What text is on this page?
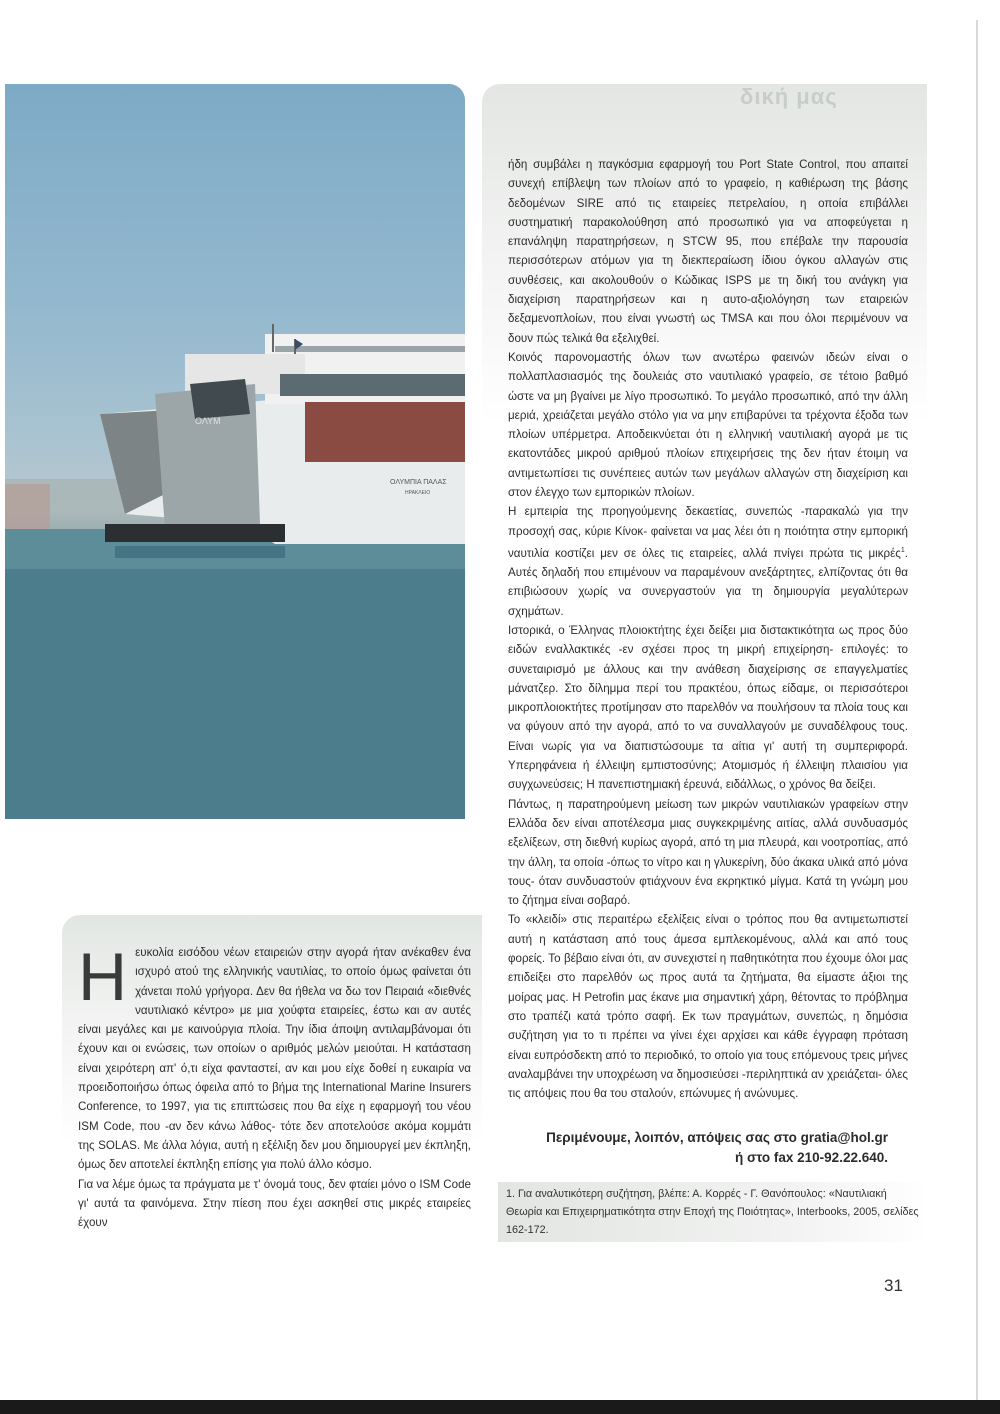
ΟΛΥΜ
ΟΛΥΜΠΙΑ ΠΑΛΑΣ
ΗΡΑΚΛΕΙΟ
δική μας

ήδη συμβάλει η παγκόσμια εφαρμογή του Port State Control, που απαιτεί συνεχή επίβλεψη των πλοίων από το γραφείο, η καθιέρωση της βάσης δεδομένων SIRE από τις εταιρείες πετρελαίου, η οποία επιβάλλει συστηματική παρακολούθηση από προσωπικό για να αποφεύγεται η επανάληψη παρατηρήσεων, η STCW 95, που επέβαλε την παρουσία περισσότερων ατόμων για τη διεκπεραίωση ίδιου όγκου αλλαγών στις συνθέσεις, και ακολουθούν ο Κώδικας ISPS με τη δική του ανάγκη για διαχείριση παρατηρήσεων και η αυτο-αξιολόγηση των εταιρειών δεξαμενοπλοίων, που είναι γνωστή ως TMSA και που όλοι περιμένουν να δουν πώς τελικά θα εξελιχθεί.

Κοινός παρονομαστής όλων των ανωτέρω φαεινών ιδεών είναι ο πολλαπλασιασμός της δουλειάς στο ναυτιλιακό γραφείο, σε τέτοιο βαθμό ώστε να μη βγαίνει με λίγο προσωπικό. Το μεγάλο προσωπικό, από την άλλη μεριά, χρειάζεται μεγάλο στόλο για να μην επιβαρύνει τα τρέχοντα έξοδα των πλοίων υπέρμετρα. Αποδεικνύεται ότι η ελληνική ναυτιλιακή αγορά με τις εκατοντάδες μικρού αριθμού πλοίων επιχειρήσεις της δεν ήταν έτοιμη να αντιμετωπίσει τις συνέπειες αυτών των μεγάλων αλλαγών στη διαχείριση και στον έλεγχο των εμπορικών πλοίων.

Η εμπειρία της προηγούμενης δεκαετίας, συνεπώς -παρακαλώ για την προσοχή σας, κύριε Κίνοκ- φαίνεται να μας λέει ότι η ποιότητα στην εμπορική ναυτιλία κοστίζει μεν σε όλες τις εταιρείες, αλλά πνίγει πρώτα τις μικρές$^1$. Αυτές δηλαδή που επιμένουν να παραμένουν ανεξάρτητες, ελπίζοντας ότι θα επιβιώσουν χωρίς να συνεργαστούν για τη δημιουργία μεγαλύτερων σχημάτων.

Ιστορικά, ο Έλληνας πλοιοκτήτης έχει δείξει μια διστακτικότητα ως προς δύο ειδών εναλλακτικές -εν σχέσει προς τη μικρή επιχείρηση- επιλογές: το συνεταιρισμό με άλλους και την ανάθεση διαχείρισης σε επαγγελματίες μάνατζερ. Στο δίλημμα περί του πρακτέου, όπως είδαμε, οι περισσότεροι μικροπλοιοκτήτες προτίμησαν στο παρελθόν να πουλήσουν τα πλοία τους και να φύγουν από την αγορά, από το να συναλλαγούν με συναδέλφους τους. Είναι νωρίς για να διαπιστώσουμε τα αίτια γι' αυτή τη συμπεριφορά. Υπερηφάνεια ή έλλειψη εμπιστοσύνης; Ατομισμός ή έλλειψη πλαισίου για συγχωνεύσεις; Η πανεπιστημιακή έρευνά, ειδάλλως, ο χρόνος θα δείξει.

Πάντως, η παρατηρούμενη μείωση των μικρών ναυτιλιακών γραφείων στην Ελλάδα δεν είναι αποτέλεσμα μιας συγκεκριμένης αιτίας, αλλά συνδυασμός εξελίξεων, στη διεθνή κυρίως αγορά, από τη μια πλευρά, και νοοτροπίας, από την άλλη, τα οποία -όπως το νίτρο και η γλυκερίνη, δύο άκακα υλικά από μόνα τους- όταν συνδυαστούν φτιάχνουν ένα εκρηκτικό μίγμα. Κατά τη γνώμη μου το ζήτημα είναι σοβαρό.

Το «κλειδί» στις περαιτέρω εξελίξεις είναι ο τρόπος που θα αντιμετωπιστεί αυτή η κατάσταση από τους άμεσα εμπλεκομένους, αλλά και από τους φορείς. Το βέβαιο είναι ότι, αν συνεχιστεί η παθητικότητα που έχουμε όλοι μας επιδείξει στο παρελθόν ως προς αυτά τα ζητήματα, θα είμαστε άξιοι της μοίρας μας. Η Petrofin μας έκανε μια σημαντική χάρη, θέτοντας το πρόβλημα στο τραπέζι κατά τρόπο σαφή. Εκ των πραγμάτων, συνεπώς, η δημόσια συζήτηση για το τι πρέπει να γίνει έχει αρχίσει και κάθε έγγραφη πρόταση είναι ευπρόσδεκτη από το περιοδικό, το οποίο για τους επόμενους τρεις μήνες αναλαμβάνει την υποχρέωση να δημοσιεύσει -περιληπτικά αν χρειάζεται- όλες τις απόψεις που θα του σταλούν, επώνυμες ή ανώνυμες.

Περιμένουμε, λοιπόν, απόψεις σας στο gratia@hol.gr
ή στο fax 210-92.22.640.
1. Για αναλυτικότερη συζήτηση, βλέπε: Α. Κορρές - Γ. Θανόπουλος: «Ναυτιλιακή Θεωρία και Επιχειρηματικότητα στην Εποχή της Ποιότητας», Interbooks, 2005, σελίδες 162-172.
Η ευκολία εισόδου νέων εταιρειών στην αγορά ήταν ανέκαθεν ένα ισχυρό ατού της ελληνικής ναυτιλίας, το οποίο όμως φαίνεται ότι χάνεται πολύ γρήγορα. Δεν θα ήθελα να δω τον Πειραιά «διεθνές ναυτιλιακό κέντρο» με μια χούφτα εταιρείες, έστω και αν αυτές είναι μεγάλες και με καινούργια πλοία. Την ίδια άποψη αντιλαμβάνομαι ότι έχουν και οι ενώσεις, των οποίων ο αριθμός μελών μειούται. Η κατάσταση είναι χειρότερη απ' ό,τι είχα φανταστεί, αν και μου είχε δοθεί η ευκαιρία να προειδοποιήσω όπως όφειλα από το βήμα της International Marine Insurers Conference, το 1997, για τις επιπτώσεις που θα είχε η εφαρμογή του νέου ISM Code, που -αν δεν κάνω λάθος- τότε δεν αποτελούσε ακόμα κομμάτι της SOLAS. Με άλλα λόγια, αυτή η εξέλιξη δεν μου δημιουργεί μεν έκπληξη, όμως δεν αποτελεί έκπληξη επίσης για πολύ άλλο κόσμο.

Για να λέμε όμως τα πράγματα με τ' όνομά τους, δεν φταίει μόνο ο ISM Code γι' αυτά τα φαινόμενα. Στην πίεση που έχει ασκηθεί στις μικρές εταιρείες έχουν

31
